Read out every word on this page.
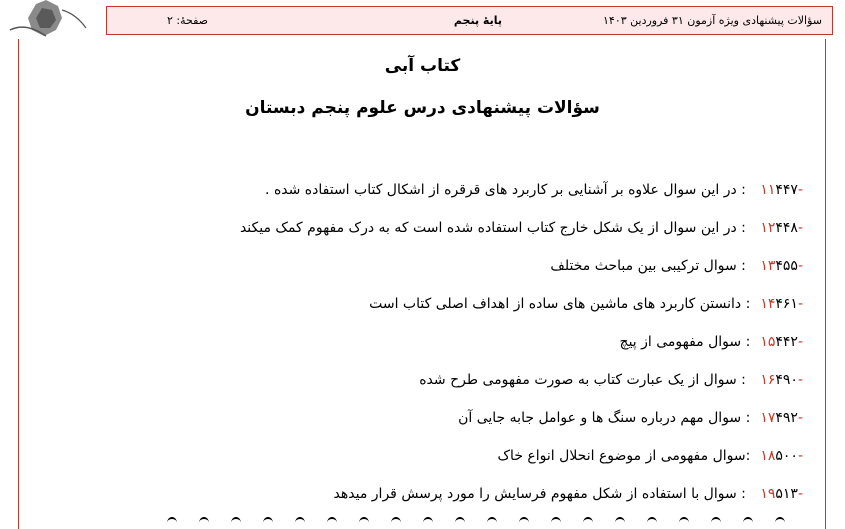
سؤالات پیشنهادی ویژه آزمون ۳۱ فروردین ۱۴۰۳
پایهٔ پنجم
صفحهٔ: ۲
کتاب آبی
سؤالات پیشنهادی درس علوم پنجم دبستان
-۱۱۴۴۷ : در این سوال علاوه بر آشنایی بر کاربرد های قرقره از اشکال کتاب استفاده شده .
-۱۲۴۴۸ : در این سوال از یک شکل خارج کتاب استفاده شده است که به درک مفهوم کمک میکند
-۱۳۴۵۵ : سوال ترکیبی بین مباحث مختلف
-۱۴۴۶۱: دانستن کاربرد های ماشین های ساده از اهداف اصلی کتاب است
-۱۵۴۴۲: سوال مفهومی از پیچ
-۱۶۴۹۰ : سوال از یک عبارت کتاب به صورت مفهومی طرح شده
-۱۷۴۹۲: سوال مهم درباره سنگ ها و عوامل جابه جایی آن
-۱۸۵۰۰:سوال مفهومی از موضوع انحلال انواع خاک
-۱۹۵۱۳ : سوال با استفاده از شکل مفهوم فرسایش را مورد پرسش قرار میدهد
